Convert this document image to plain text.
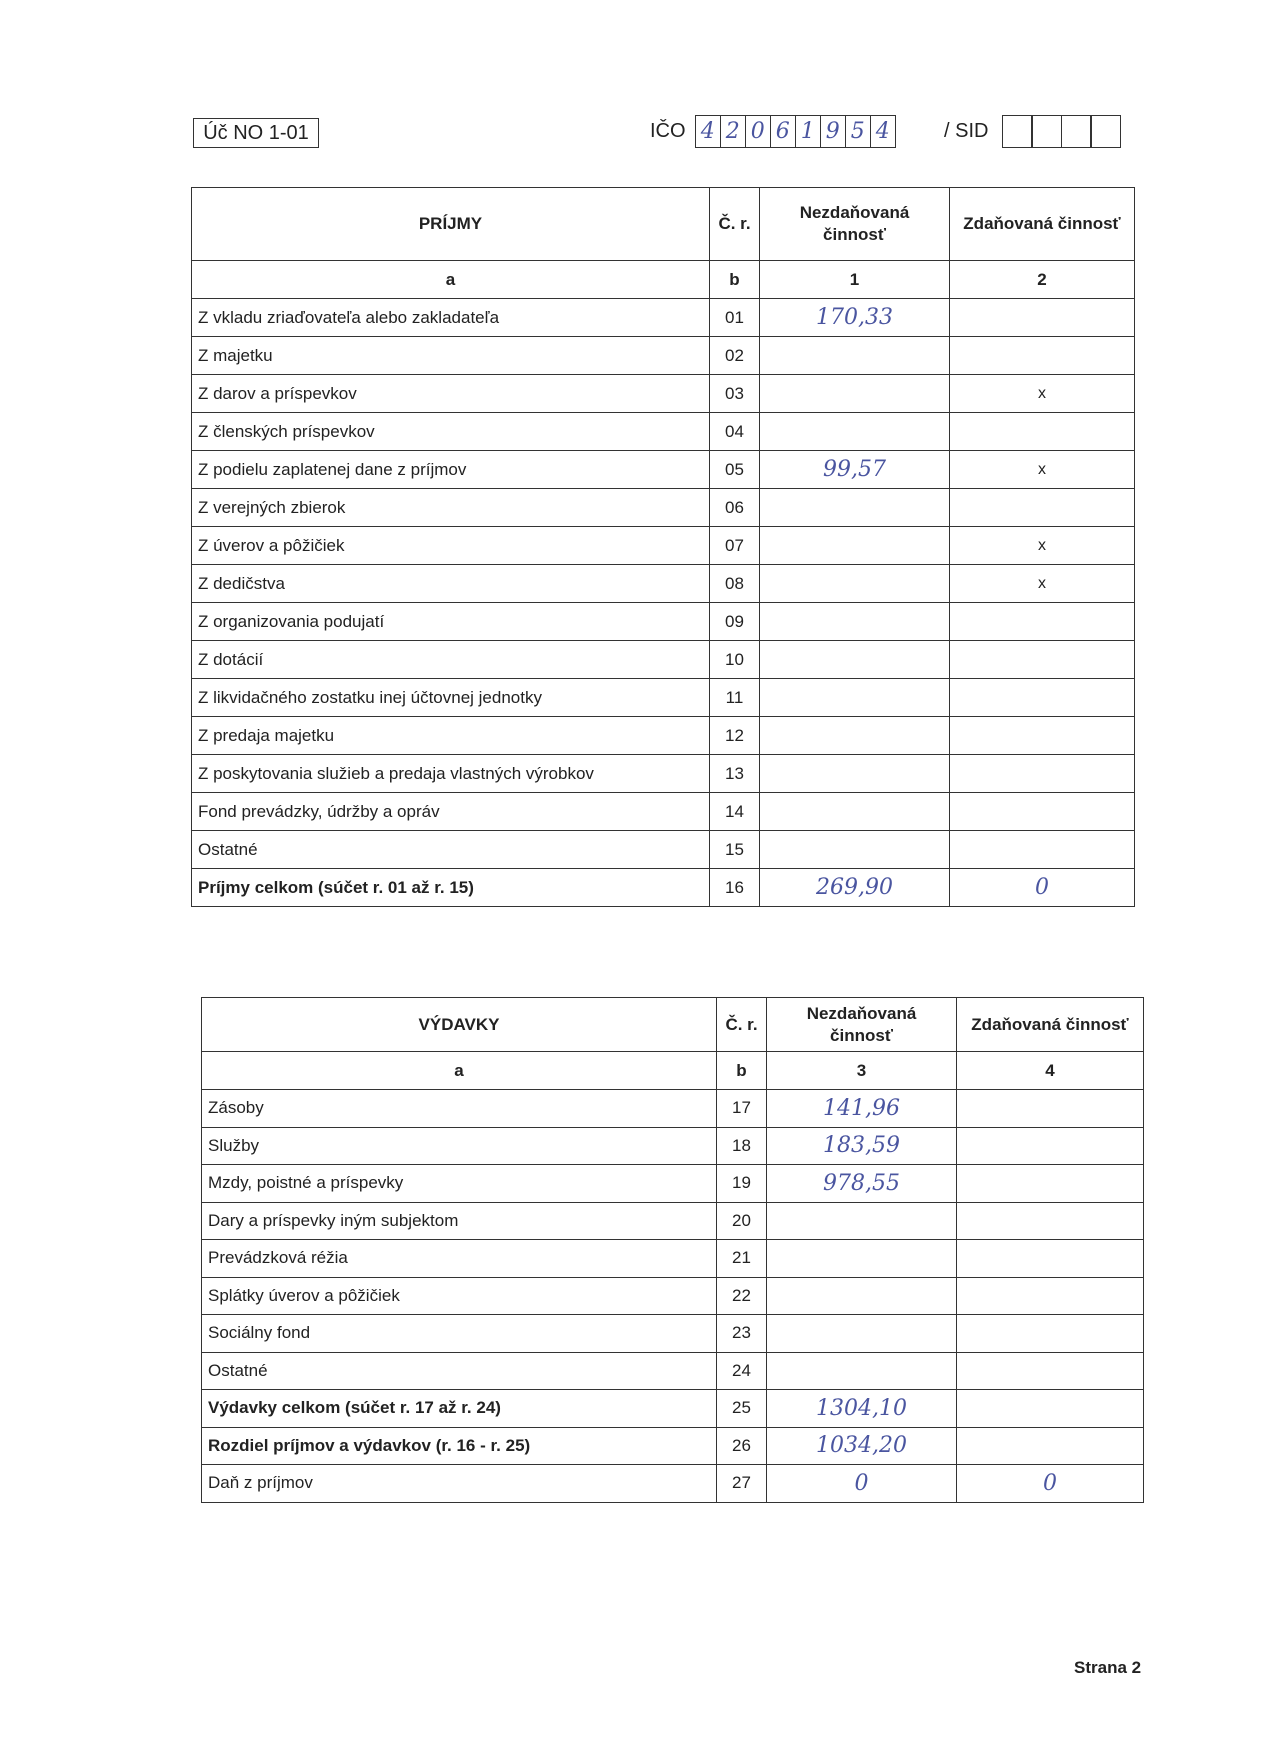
Úč NO 1-01	IČO 4 2 0 6 1 9 5 4	/ SID
PRÍJMY	Č. r.	Nezdaňovaná činnosť	Zdaňovaná činnosť
a	b	1	2
Z vkladu zriaďovateľa alebo zakladateľa	01	170,33	
Z majetku	02		
Z darov a príspevkov	03		x
Z členských príspevkov	04		
Z podielu zaplatenej dane z príjmov	05	99,57	x
Z verejných zbierok	06		
Z úverov a pôžičiek	07		x
Z dedičstva	08		x
Z organizovania podujatí	09		
Z dotácií	10		
Z likvidačného zostatku inej účtovnej jednotky	11		
Z predaja majetku	12		
Z poskytovania služieb a predaja vlastných výrobkov	13		
Fond prevádzky, údržby a opráv	14		
Ostatné	15		
Príjmy celkom (súčet r. 01 až r. 15)	16	269,90	0
VÝDAVKY	Č. r.	Nezdaňovaná činnosť	Zdaňovaná činnosť
a	b	3	4
Zásoby	17	141,96	
Služby	18	183,59	
Mzdy, poistné a príspevky	19	978,55	
Dary a príspevky iným subjektom	20		
Prevádzková réžia	21		
Splátky úverov a pôžičiek	22		
Sociálny fond	23		
Ostatné	24		
Výdavky celkom (súčet r. 17 až r. 24)	25	1304,10	
Rozdiel príjmov a výdavkov (r. 16 - r. 25)	26	1034,20	
Daň z príjmov	27	0	0
Strana 2
